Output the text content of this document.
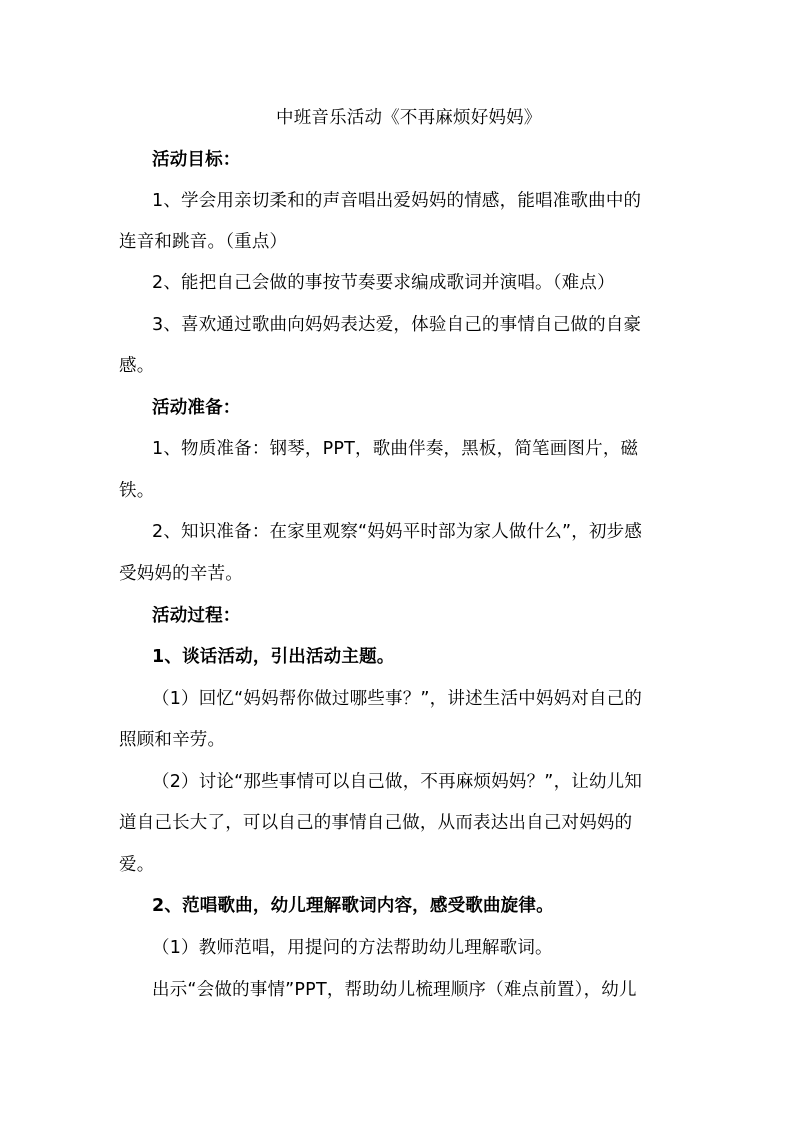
中班音乐活动《不再麻烦好妈妈》
活动目标：
1、学会用亲切柔和的声音唱出爱妈妈的情感，能唱准歌曲中的
连音和跳音。（重点）
2、能把自己会做的事按节奏要求编成歌词并演唱。（难点）
3、喜欢通过歌曲向妈妈表达爱，体验自己的事情自己做的自豪
感。
活动准备：
1、物质准备：钢琴，PPT，歌曲伴奏，黑板，简笔画图片，磁
铁。
2、知识准备：在家里观察“妈妈平时部为家人做什么”，初步感
受妈妈的辛苦。
活动过程：
1、谈话活动，引出活动主题。
（1）回忆“妈妈帮你做过哪些事？”，讲述生活中妈妈对自己的
照顾和辛劳。
（2）讨论“那些事情可以自己做，不再麻烦妈妈？”，让幼儿知
道自己长大了，可以自己的事情自己做，从而表达出自己对妈妈的
爱。
2、范唱歌曲，幼儿理解歌词内容，感受歌曲旋律。
（1）教师范唱，用提问的方法帮助幼儿理解歌词。
出示“会做的事情”PPT，帮助幼儿梳理顺序（难点前置），幼儿
